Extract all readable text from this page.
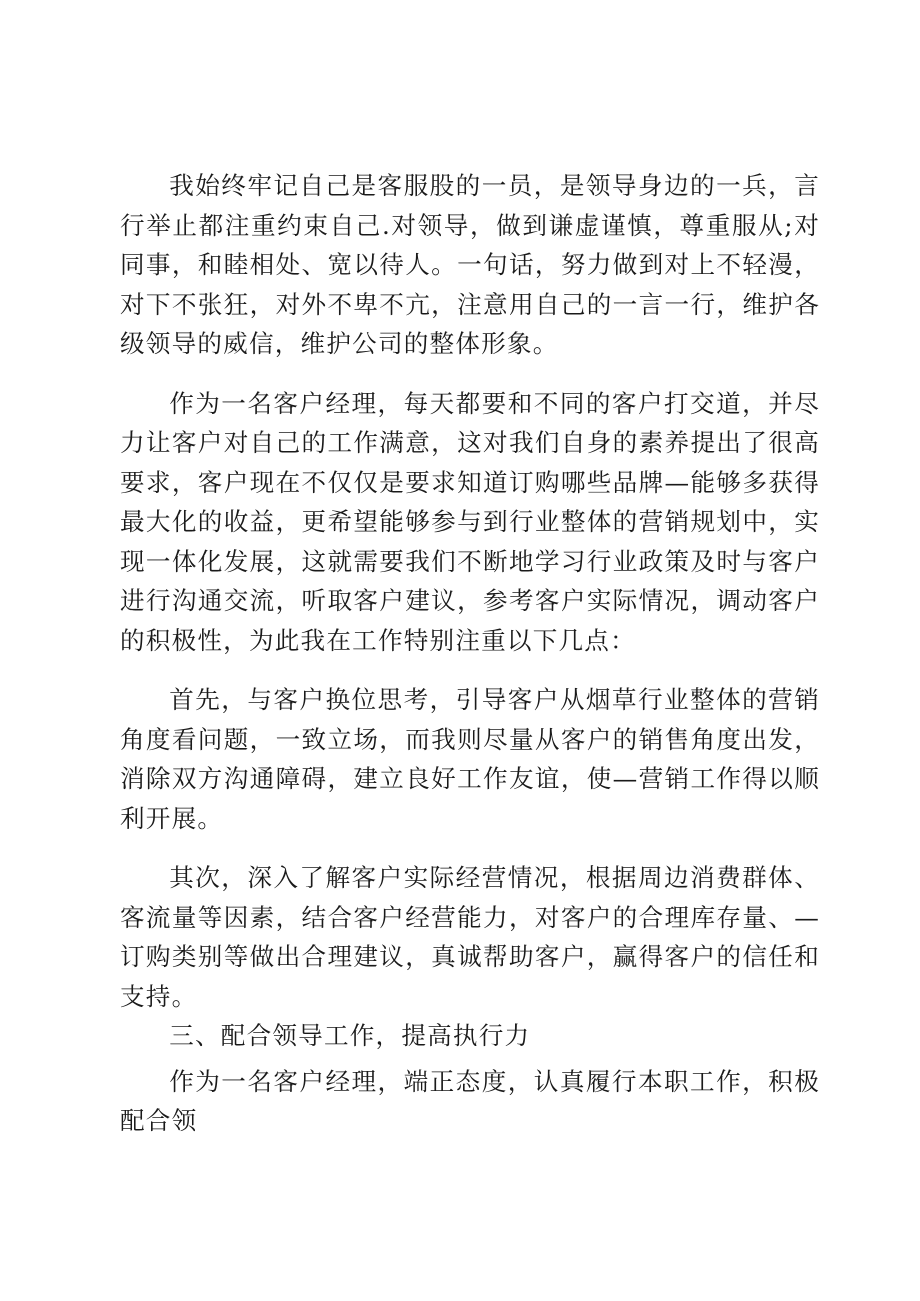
我始终牢记自己是客服股的一员，是领导身边的一兵，言行举止都注重约束自己.对领导，做到谦虚谨慎，尊重服从;对同事，和睦相处、宽以待人。一句话，努力做到对上不轻漫，对下不张狂，对外不卑不亢，注意用自己的一言一行，维护各级领导的威信，维护公司的整体形象。

作为一名客户经理，每天都要和不同的客户打交道，并尽力让客户对自己的工作满意，这对我们自身的素养提出了很高要求，客户现在不仅仅是要求知道订购哪些品牌—能够多获得最大化的收益，更希望能够参与到行业整体的营销规划中，实现一体化发展，这就需要我们不断地学习行业政策及时与客户进行沟通交流，听取客户建议，参考客户实际情况，调动客户的积极性，为此我在工作特别注重以下几点：

首先，与客户换位思考，引导客户从烟草行业整体的营销角度看问题，一致立场，而我则尽量从客户的销售角度出发，消除双方沟通障碍，建立良好工作友谊，使—营销工作得以顺利开展。

其次，深入了解客户实际经营情况，根据周边消费群体、客流量等因素，结合客户经营能力，对客户的合理库存量、—订购类别等做出合理建议，真诚帮助客户，赢得客户的信任和支持。

三、配合领导工作，提高执行力

作为一名客户经理，端正态度，认真履行本职工作，积极配合领
